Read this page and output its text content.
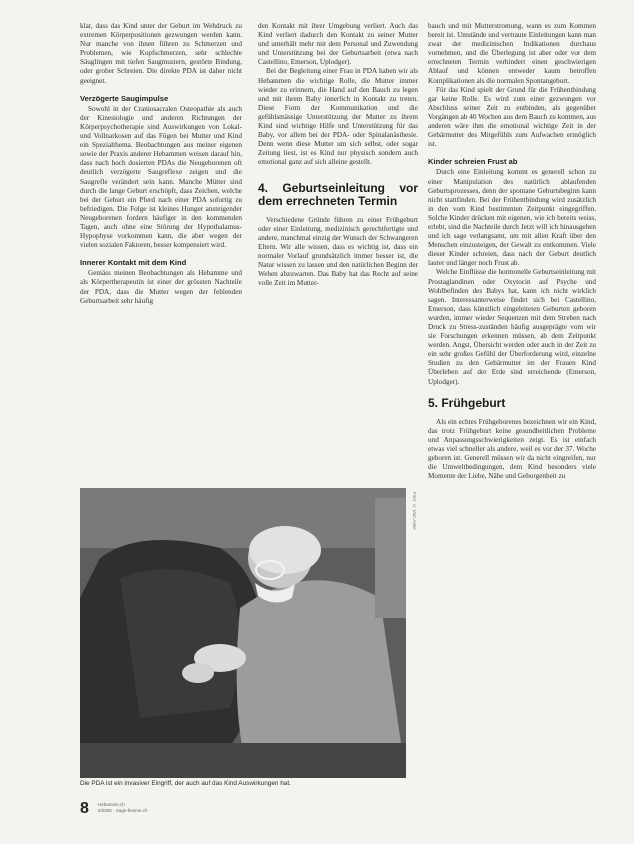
klar, dass das Kind unter der Geburt im Wehdruck zu extremen Körperpositionen gezwungen werden kann. Nur manche von ihnen führen zu Schmerzen und Problemen, wie Kopfschmerzen, sehr schlechte Säuglingen mit tiefen Saugmustern, gestörte Bindung, oder grober Schreien. Die direkte PDA ist daher nicht geeignet.

Verzögerte Saugimpulse

Sowohl in der Craniosacralen Osteopathie als auch der Kinesiologie und anderen Richtungen der Körperpsychotherapie sind Auswirkungen von Lokal- und Vollnarkosen auf das Fügen bei Mutter und Kind ein Spezialthema. Beobachtungen aus meiner eigenen sowie der Praxis anderer Hebammen weisen darauf hin, dass nach hoch dosierten PDAs die Neugeborenen oft deutlich verzögerte Saugreflexe zeigen und die Saugrefle verändert sein kann. Manche Mütter sind durch die lange Geburt erschöpft, dass Zeichen, welche bei der Geburt ein Pferd nach einer PDA sofortig zu befriedigen. Die Folge ist kleines Hunger ansteigender Neugeborenen fordern häufiger in den kommenden Tagen, auch ohne eine Störung der Hypothalamus-Hypophyse vorkommen kann, die aber wegen der vielen sozialen Faktoren, besser kompensiert wird.

Innerer Kontakt mit dem Kind

Gemäss meinen Beobachtungen als Hebamme und als Körpertherapeutin ist einer der grössten Nachteile der PDA, dass die Mutter wegen der fehlenden Geburtsarbeit sehr häufig

den Kontakt mit ihrer Umgebung verliert. Auch das Kind verliert dadurch den Kontakt zu seiner Mutter und unterhält mehr mit dem Personal und Zuwendung und Unterstützung bei der Geburtsarbeit (etwa nach Castellino, Emerson, Uplodger).

Bei der Begleitung einer Frau in PDA haben wir als Hebammen die wichtige Rolle, die Mutter immer wieder zu erinnern, die Hand auf den Bauch zu legen und mit ihrem Baby innerlich in Kontakt zu treten. Diese Form der Kommunikation und die gefühlsmässige Unterstützung der Mutter zu ihrem Kind sind wichtige Hilfe und Unterstützung für das Baby, vor allem bei der PDA- oder Spinalanästhesie. Denn wenn diese Mutter um sich selbst, oder sogar Zeitung liest, ist es Kind nur physisch sondern auch emotional ganz auf sich alleine gestellt.

4. Geburtseinleitung vor dem errechneten Termin

Verschiedene Gründe führen zu einer Frühgeburt oder einer Einleitung, medizinisch gerechtfertigte und andere, manchmal einzig der Wunsch der Schwangeren Eltern. Wir alle wissen, dass es wichtig ist, dass ein normaler Vorlauf grundsätzlich immer besser ist, die Natur wissen zu lassen und den natürlichen Beginn der Wehen abzuwarten. Das Baby hat das Recht auf seine volle Zeit im Mutter-

bauch und mit Mutterstromung, wann es zum Kommen bereit ist. Umstände und vertraute Einleitungen kann man zwar der medizinischen Indikationen durchaus vornehmen, und die Überlegung ist aber oder vor dem errechneten Termin verhindert einen geschwierigen Ablauf und können entweder kaum betroffen Komplikationen als die normalen Spontangeburt.

Für das Kind spielt der Grund für die Frühentbindung gar keine Rolle. Es wird zum einer gezwungen vor Abschluss seiner Zeit zu entbinden, als gegenüber Vorgängen ab 40 Wochen aus dem Bauch zu kommen, aus anderen wäre ihm die emotional wichtige Zeit in der Gebärmutter des Mitgefühls zum Aufwachen ermöglich ist.

Kinder schreien Frust ab

Durch eine Einleitung kommt es generell schon zu einer Manipulation des natürlich ablaufenden Geburtsprozesses, denn der spontane Geburtsbeginn kann nicht stattfinden. Bei der Frühentbindung wird zusätzlich in den vom Kind bestimmten Zeitpunkt eingegriffen. Solche Kinder drücken mit eigenen, wie ich bereits weiss, erlebt, sind die Nachteile durch Jetzt will ich hinausgehen und ich sage verlangsamt, um mit allen Kraft über den Menschen einzusteigen, der Gewalt zu entkommen. Viele dieser Kinder schreien, dass nach der Geburt deutlich lauter und länger noch Frust ab.

Welche Einflüsse die hormonelle Geburtseinleitung mit Prostaglandinen oder Oxytocin auf Psyche und Wohlbefinden des Babys hat, kann ich nicht wirklich sagen. Interessanterweise findet sich bei Castellino, Emerson, dass künstlich eingeleiteten Geburten geboren wurden, immer wieder Sequenzen mit dem Streben nach Druck zu Stress-zuständen häufig ausgeprägte vom wir sie Forschungen erkennen müssen, ab dem Zeitpunkt werden. Angst, Übersicht werden oder auch in der Zeit zu ein sehr großes Gefühl der Überforderung wird, einzelne Studien zu den Gebärmutter im der Frauen Kind Überleben auf der Erde sind erreichende (Emerson, Uplodger).

5. Frühgeburt

Als ein echtes Frühgeborenes bezeichnen wir ein Kind, das trotz Frühgeburt keine gesundheitlichen Probleme und Anpassungsschwierigkeiten zeigt. Es ist einfach etwas viel schneller als andere, weil es vor der 37. Woche geboren ist. Generell müssen wir da nicht eingreifen, nur die Umweltbedingungen, dem Kind besonders viele Momente der Liebe, Nähe und Geborgenheit zu

Foto: © Vulc Asbe
Die PDA ist ein invasiver Eingriff, der auch auf das Kind Auswirkungen hat.
8 Hebamme.ch
6/2006 · Sage-femme.ch
